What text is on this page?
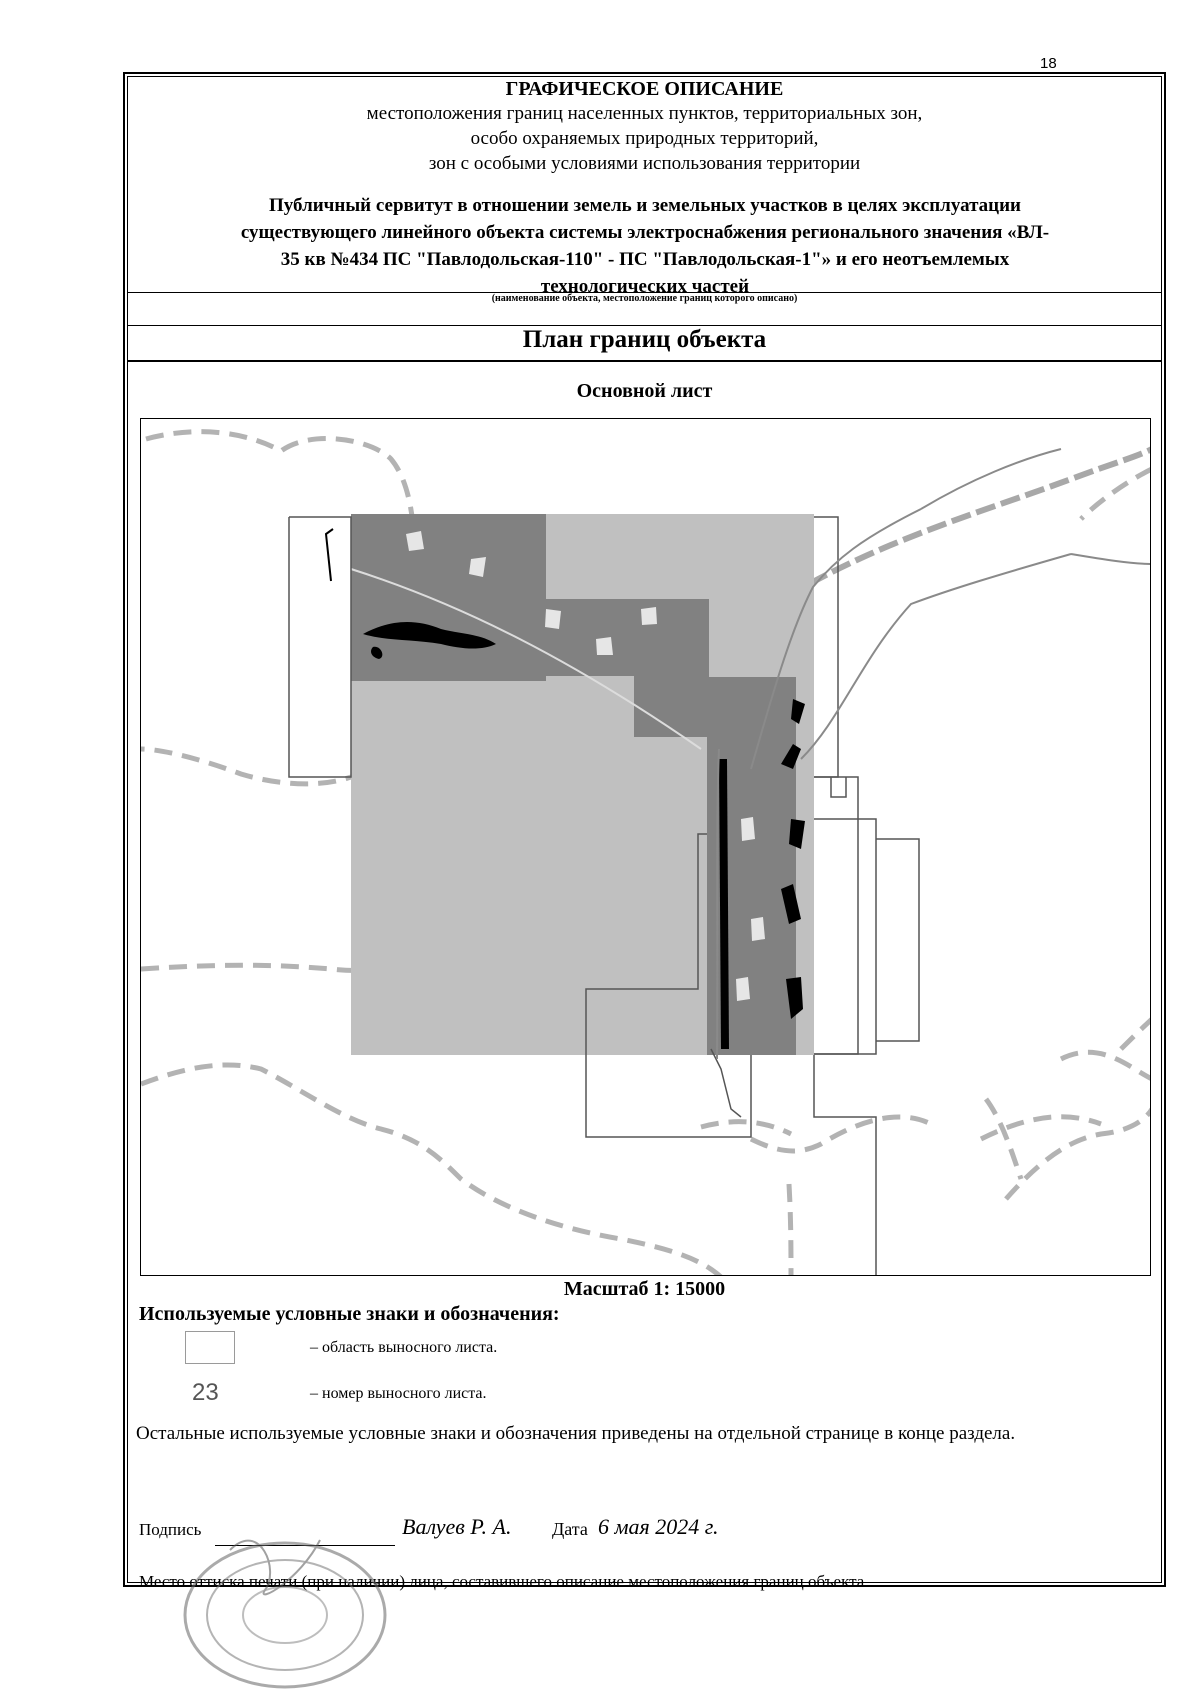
18
ГРАФИЧЕСКОЕ ОПИСАНИЕ
местоположения границ населенных пунктов, территориальных зон,
особо охраняемых природных территорий,
зон с особыми условиями использования территории
Публичный сервитут в отношении земель и земельных участков в целях эксплуатации
существующего линейного объекта системы электроснабжения регионального значения «ВЛ-
35 кв №434 ПС "Павлодольская-110" - ПС "Павлодольская-1"» и его неотъемлемых
технологических частей
(наименование объекта, местоположение границ которого описано)
План границ объекта
Основной лист
Масштаб 1: 15000
Используемые условные знаки и обозначения:
– область выносного листа.
23	– номер выносного листа.
Остальные используемые условные знаки и обозначения приведены на отдельной странице в конце раздела.
Подпись	Валуев Р. А. Дата 6 мая 2024 г.
Место оттиска печати (при наличии) лица, составившего описание местоположения границ объекта
